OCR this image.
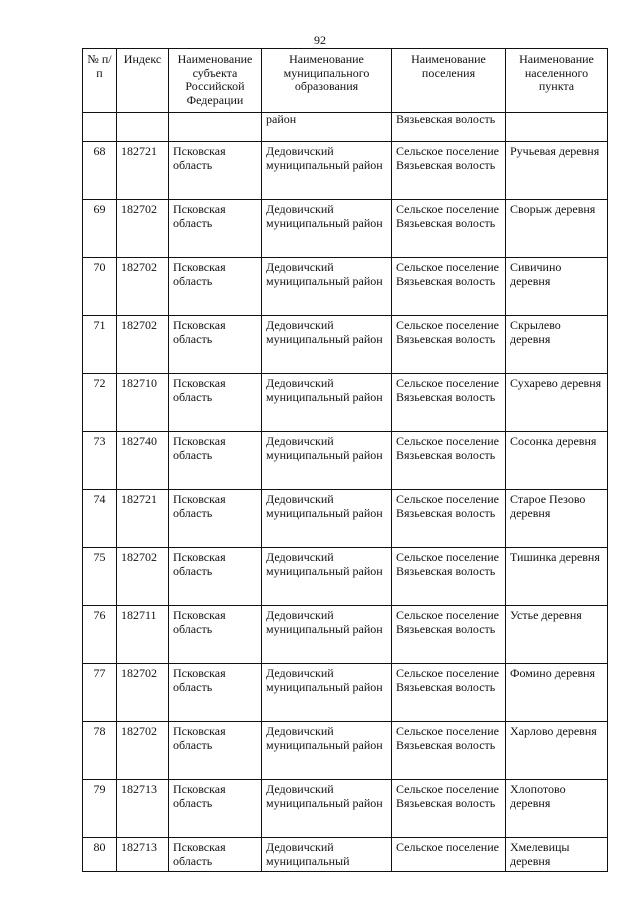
92
№ п/п	Индекс	Наименование субъекта Российской Федерации	Наименование муниципального образования	Наименование поселения	Наименование населенного пункта
			район	Вязьевская волость	
68	182721	Псковская область	Дедовичский муниципальный район	Сельское поселение Вязьевская волость	Ручьевая деревня
69	182702	Псковская область	Дедовичский муниципальный район	Сельское поселение Вязьевская волость	Сворыж деревня
70	182702	Псковская область	Дедовичский муниципальный район	Сельское поселение Вязьевская волость	Сивичино деревня
71	182702	Псковская область	Дедовичский муниципальный район	Сельское поселение Вязьевская волость	Скрылево деревня
72	182710	Псковская область	Дедовичский муниципальный район	Сельское поселение Вязьевская волость	Сухарево деревня
73	182740	Псковская область	Дедовичский муниципальный район	Сельское поселение Вязьевская волость	Сосонка деревня
74	182721	Псковская область	Дедовичский муниципальный район	Сельское поселение Вязьевская волость	Старое Пезово деревня
75	182702	Псковская область	Дедовичский муниципальный район	Сельское поселение Вязьевская волость	Тишинка деревня
76	182711	Псковская область	Дедовичский муниципальный район	Сельское поселение Вязьевская волость	Устье деревня
77	182702	Псковская область	Дедовичский муниципальный район	Сельское поселение Вязьевская волость	Фомино деревня
78	182702	Псковская область	Дедовичский муниципальный район	Сельское поселение Вязьевская волость	Харлово деревня
79	182713	Псковская область	Дедовичский муниципальный район	Сельское поселение Вязьевская волость	Хлопотово деревня
80	182713	Псковская область	Дедовичский муниципальный	Сельское поселение	Хмелевицы деревня
